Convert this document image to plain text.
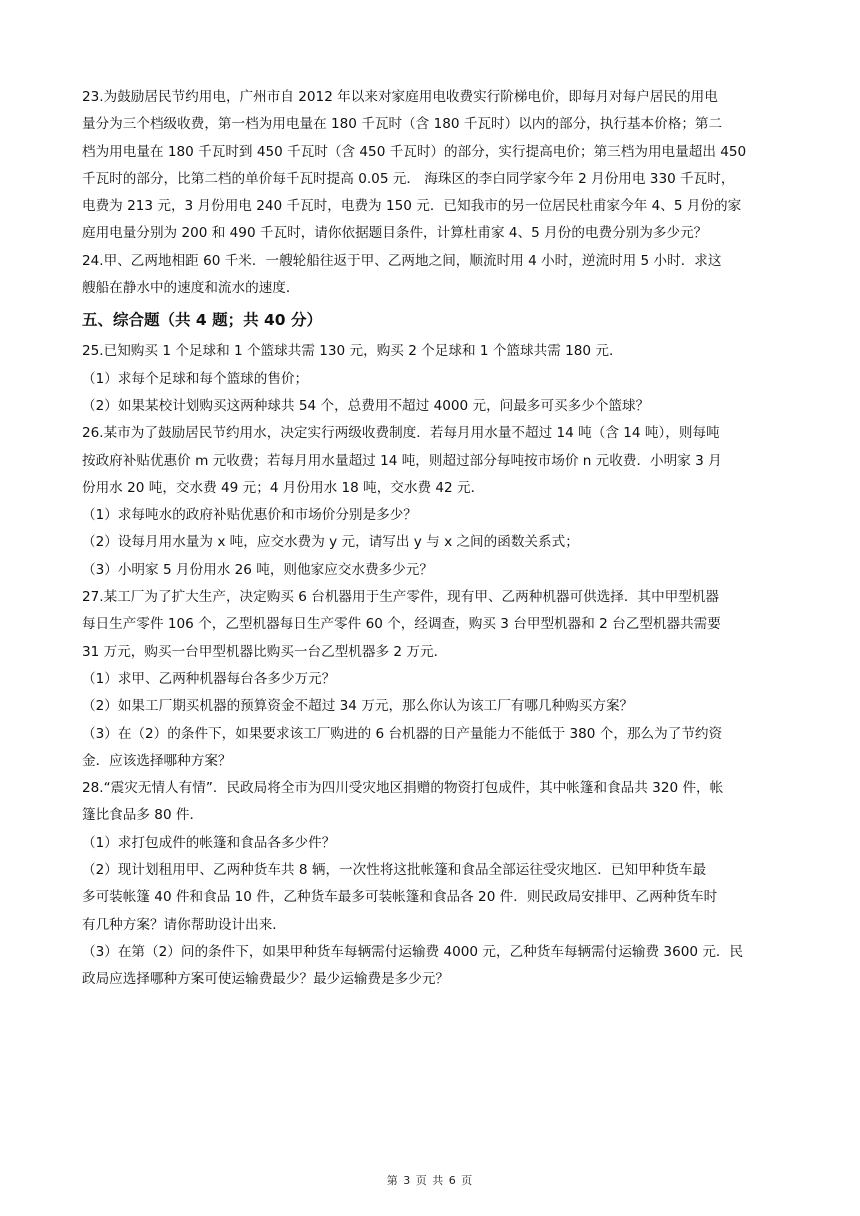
23.为鼓励居民节约用电，广州市自 2012 年以来对家庭用电收费实行阶梯电价，即每月对每户居民的用电
量分为三个档级收费，第一档为用电量在 180 千瓦时（含 180 千瓦时）以内的部分，执行基本价格；第二
档为用电量在 180 千瓦时到 450 千瓦时（含 450 千瓦时）的部分，实行提高电价；第三档为用电量超出 450
千瓦时的部分，比第二档的单价每千瓦时提高 0.05 元． 海珠区的李白同学家今年 2 月份用电 330 千瓦时，
电费为 213 元，3 月份用电 240 千瓦时，电费为 150 元．已知我市的另一位居民杜甫家今年 4、5 月份的家
庭用电量分别为 200 和 490 千瓦时，请你依据题目条件，计算杜甫家 4、5 月份的电费分别为多少元？
24.甲、乙两地相距 60 千米．一艘轮船往返于甲、乙两地之间，顺流时用 4 小时，逆流时用 5 小时．求这
艘船在静水中的速度和流水的速度．
五、综合题（共 4 题；共 40 分）
25.已知购买 1 个足球和 1 个篮球共需 130 元，购买 2 个足球和 1 个篮球共需 180 元．
（1）求每个足球和每个篮球的售价；
（2）如果某校计划购买这两种球共 54 个，总费用不超过 4000 元，问最多可买多少个篮球？
26.某市为了鼓励居民节约用水，决定实行两级收费制度．若每月用水量不超过 14 吨（含 14 吨），则每吨
按政府补贴优惠价 m 元收费；若每月用水量超过 14 吨，则超过部分每吨按市场价 n 元收费．小明家 3 月
份用水 20 吨，交水费 49 元；4 月份用水 18 吨，交水费 42 元．
（1）求每吨水的政府补贴优惠价和市场价分别是多少？
（2）设每月用水量为 x 吨，应交水费为 y 元，请写出 y 与 x 之间的函数关系式；
（3）小明家 5 月份用水 26 吨，则他家应交水费多少元？
27.某工厂为了扩大生产，决定购买 6 台机器用于生产零件，现有甲、乙两种机器可供选择．其中甲型机器
每日生产零件 106 个，乙型机器每日生产零件 60 个，经调查，购买 3 台甲型机器和 2 台乙型机器共需要
31 万元，购买一台甲型机器比购买一台乙型机器多 2 万元．
（1）求甲、乙两种机器每台各多少万元？
（2）如果工厂期买机器的预算资金不超过 34 万元，那么你认为该工厂有哪几种购买方案？
（3）在（2）的条件下，如果要求该工厂购进的 6 台机器的日产量能力不能低于 380 个，那么为了节约资
金．应该选择哪种方案？
28.“震灾无情人有情”．民政局将全市为四川受灾地区捐赠的物资打包成件，其中帐篷和食品共 320 件，帐
篷比食品多 80 件．
（1）求打包成件的帐篷和食品各多少件？
（2）现计划租用甲、乙两种货车共 8 辆，一次性将这批帐篷和食品全部运往受灾地区．已知甲种货车最
多可装帐篷 40 件和食品 10 件，乙种货车最多可装帐篷和食品各 20 件．则民政局安排甲、乙两种货车时
有几种方案？请你帮助设计出来．
（3）在第（2）问的条件下，如果甲种货车每辆需付运输费 4000 元，乙种货车每辆需付运输费 3600 元．民
政局应选择哪种方案可使运输费最少？最少运输费是多少元？
第 3 页 共 6 页
